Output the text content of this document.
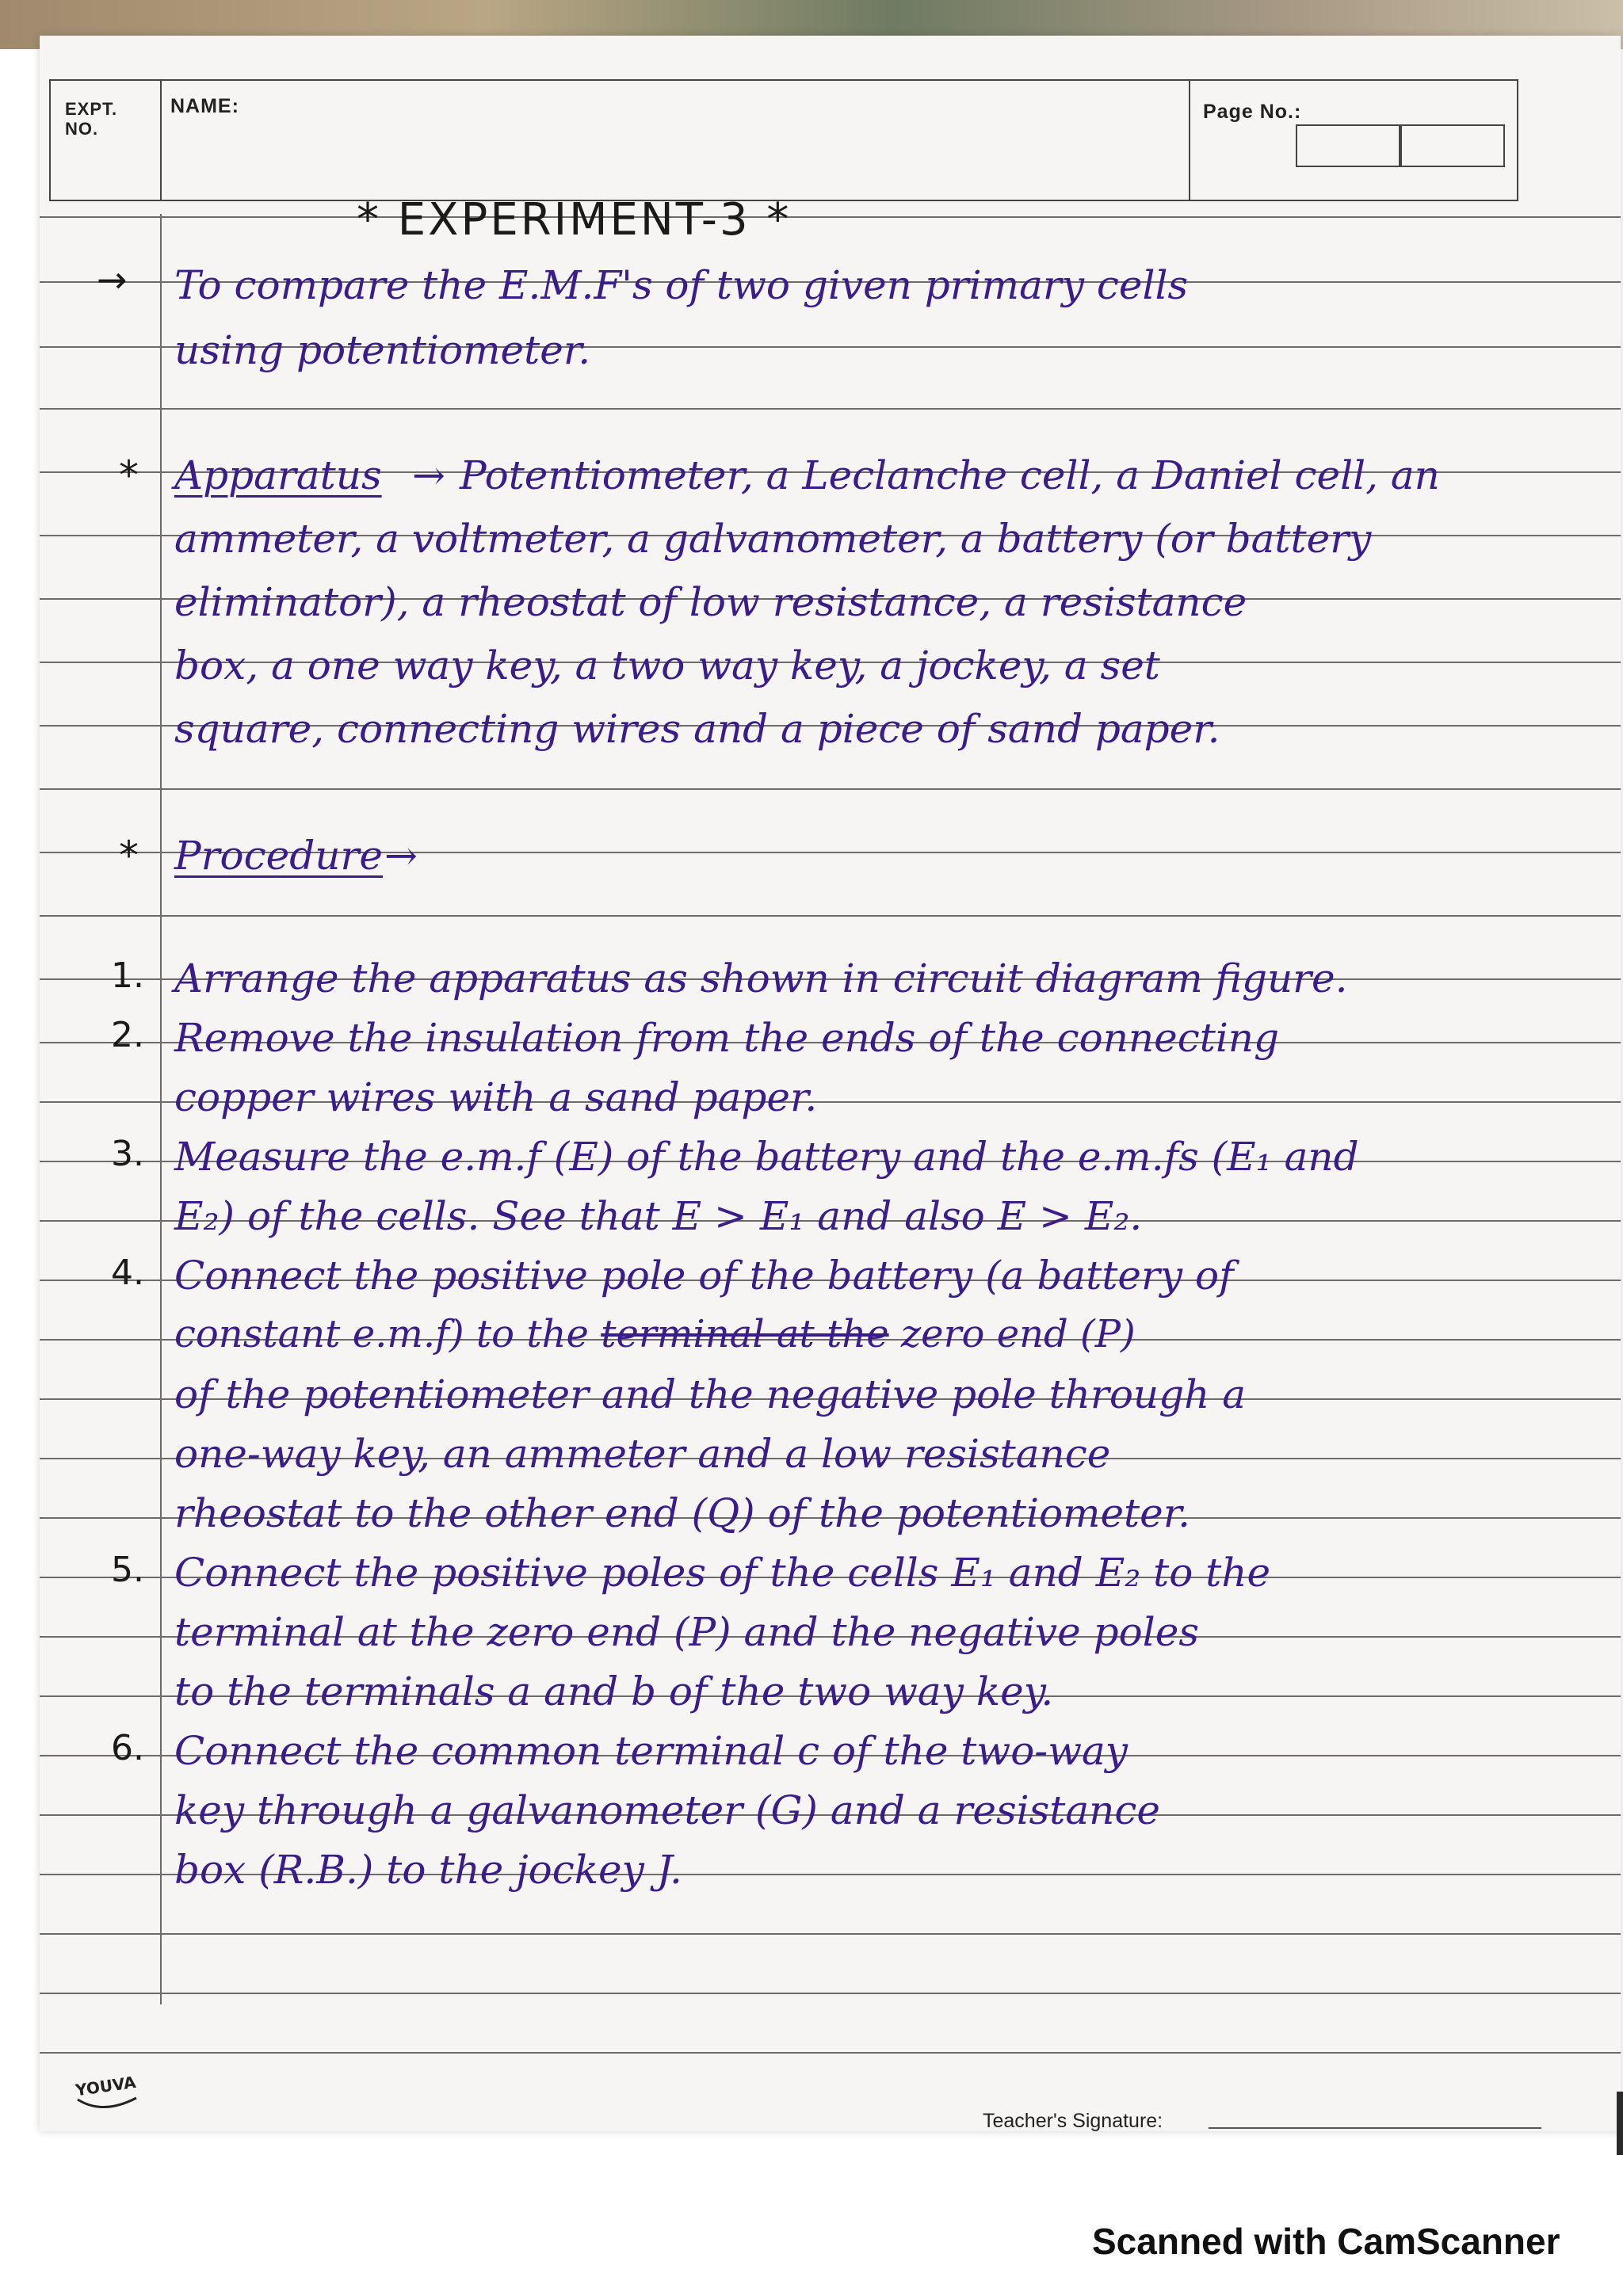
EXPT.
NO.
NAME:	Page No.:
* EXPERIMENT-3 *
→ To compare the E.M.F's of two given primary cells
using potentiometer.
* Apparatus → Potentiometer, a Leclanche cell, a Daniel cell, an
ammeter, a voltmeter, a galvanometer, a battery (or battery
eliminator), a rheostat of low resistance, a resistance
box, a one way key, a two way key, a jockey, a set
square, connecting wires and a piece of sand paper.
* Procedure →
1. Arrange the apparatus as shown in circuit diagram figure.
2. Remove the insulation from the ends of the connecting
copper wires with a sand paper.
3. Measure the e.m.f (E) of the battery and the e.m.fs (E₁ and
E₂) of the cells. See that E > E₁ and also E > E₂.
4. Connect the positive pole of the battery (a battery of
constant e.m.f) to the terminal at the zero end (P)
of the potentiometer and the negative pole through a
one-way key, an ammeter and a low resistance
rheostat to the other end (Q) of the potentiometer.
5. Connect the positive poles of the cells E₁ and E₂ to the
terminal at the zero end (P) and the negative poles
to the terminals a and b of the two way key.
6. Connect the common terminal c of the two-way
key through a galvanometer (G) and a resistance
box (R.B.) to the jockey J.
YOUVA
Teacher's Signature:
Scanned with CamScanner
